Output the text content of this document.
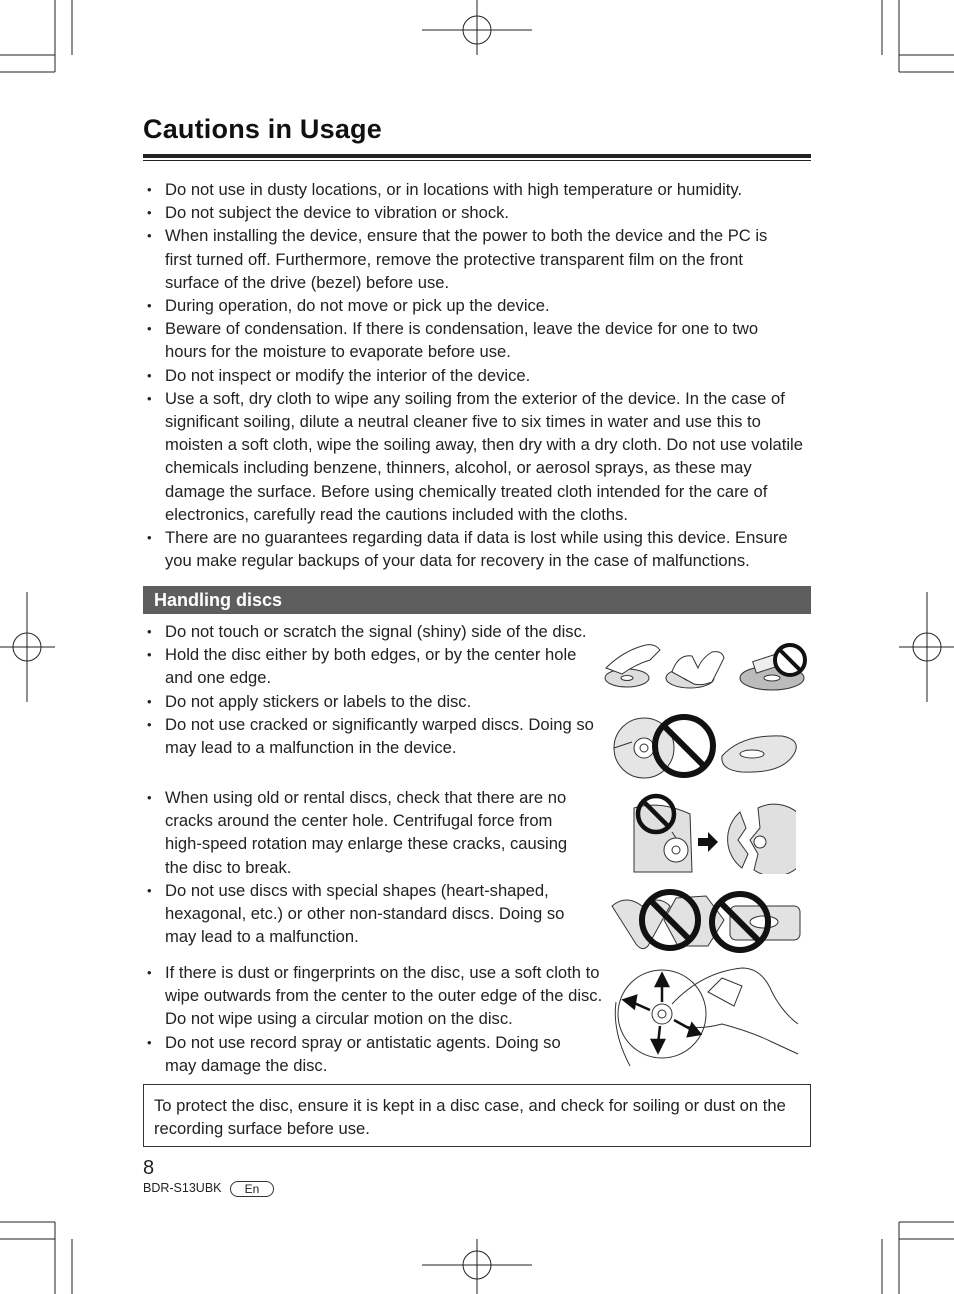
Cautions in Usage
• Do not use in dusty locations, or in locations with high temperature or humidity.
• Do not subject the device to vibration or shock.
• When installing the device, ensure that the power to both the device and the PC is first turned off. Furthermore, remove the protective transparent film on the front surface of the drive (bezel) before use.
• During operation, do not move or pick up the device.
• Beware of condensation. If there is condensation, leave the device for one to two hours for the moisture to evaporate before use.
• Do not inspect or modify the interior of the device.
• Use a soft, dry cloth to wipe any soiling from the exterior of the device. In the case of significant soiling, dilute a neutral cleaner five to six times in water and use this to moisten a soft cloth, wipe the soiling away, then dry with a dry cloth. Do not use volatile chemicals including benzene, thinners, alcohol, or aerosol sprays, as these may damage the surface. Before using chemically treated cloth intended for the care of electronics, carefully read the cautions included with the cloths.
• There are no guarantees regarding data if data is lost while using this device. Ensure you make regular backups of your data for recovery in the case of malfunctions.
Handling discs
• Do not touch or scratch the signal (shiny) side of the disc.
• Hold the disc either by both edges, or by the center hole and one edge.
• Do not apply stickers or labels to the disc.
• Do not use cracked or significantly warped discs. Doing so may lead to a malfunction in the device.
• When using old or rental discs, check that there are no cracks around the center hole. Centrifugal force from high-speed rotation may enlarge these cracks, causing the disc to break.
• Do not use discs with special shapes (heart-shaped, hexagonal, etc.) or other non-standard discs. Doing so may lead to a malfunction.
• If there is dust or fingerprints on the disc, use a soft cloth to wipe outwards from the center to the outer edge of the disc. Do not wipe using a circular motion on the disc.
• Do not use record spray or antistatic agents. Doing so may damage the disc.
To protect the disc, ensure it is kept in a disc case, and check for soiling or dust on the recording surface before use.
8
BDR-S13UBK	En
